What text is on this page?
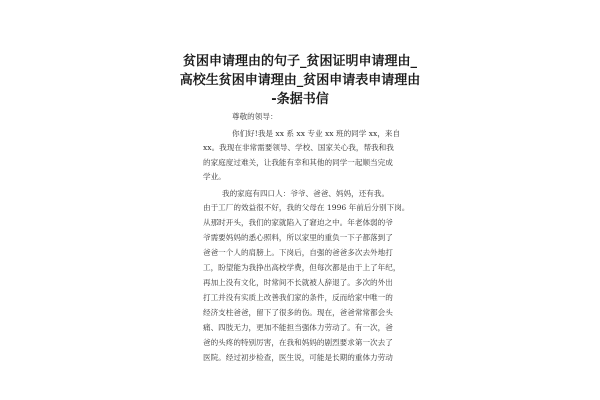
贫困申请理由的句子_贫困证明申请理由_
高校生贫困申请理由_贫困申请表申请理由
-条据书信
尊敬的领导：
你们好!我是 xx 系 xx 专业 xx 班的同学 xx，来自
xx。我现在非常需要领导、学校、国家关心我，帮我和我
的家庭度过难关，让我能有幸和其他的同学一起顺当完成
学业。
我的家庭有四口人：爷爷、爸爸、妈妈，还有我。
由于工厂的效益很不好，我的父母在 1996 年前后分别下岗。
从那时开头，我们的家就陷入了窘迫之中。年老体弱的爷
爷需要妈妈的悉心照料，所以家里的重负一下子都落到了
爸爸一个人的肩膀上。下岗后，自强的爸爸多次去外地打
工，盼望能为我挣出高校学费，但每次都是由于上了年纪，
再加上没有文化，时常间不长就被人辞退了。多次的外出
打工并没有实质上改善我们家的条件，反而给家中唯一的
经济支柱爸爸，留下了很多的伤。现在，爸爸常常都会头
痛、四肢无力，更加不能担当强体力劳动了。有一次，爸
爸的头疼的特别厉害，在我和妈妈的剧烈要求第一次去了
医院。经过初步检查，医生说，可能是长期的重体力劳动
